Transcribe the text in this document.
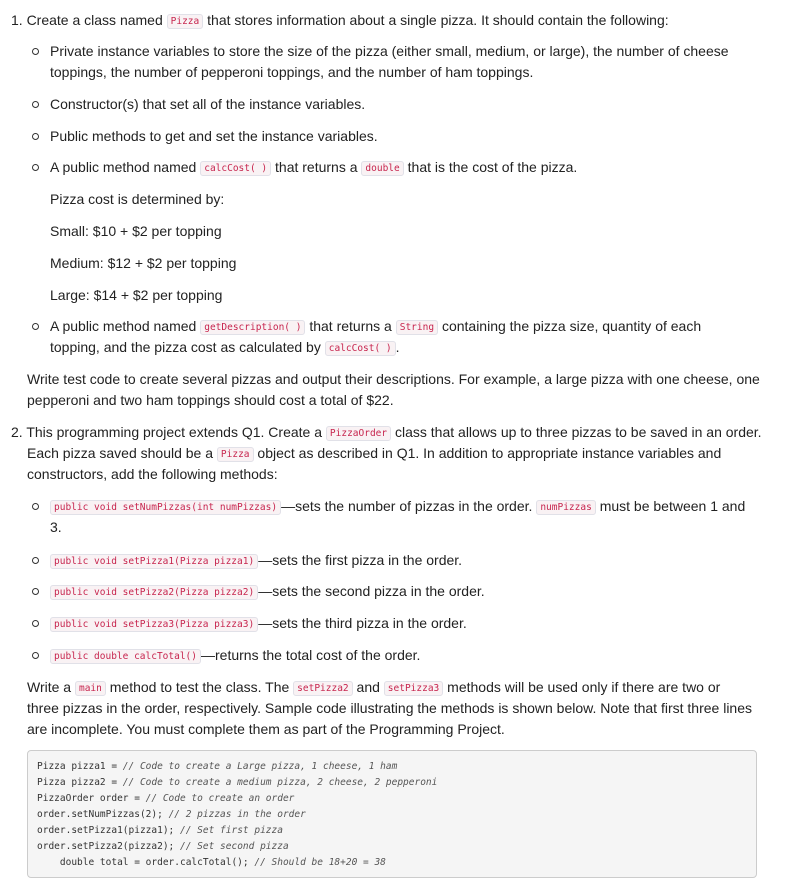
1. Create a class named Pizza that stores information about a single pizza. It should contain the following:
Private instance variables to store the size of the pizza (either small, medium, or large), the number of cheese
toppings, the number of pepperoni toppings, and the number of ham toppings.
Constructor(s) that set all of the instance variables.
Public methods to get and set the instance variables.
A public method named calcCost( ) that returns a double that is the cost of the pizza.
Pizza cost is determined by:
Small: $10 + $2 per topping
Medium: $12 + $2 per topping
Large: $14 + $2 per topping
A public method named getDescription( ) that returns a String containing the pizza size, quantity of each
topping, and the pizza cost as calculated by calcCost( ) .
Write test code to create several pizzas and output their descriptions. For example, a large pizza with one cheese, one
pepperoni and two ham toppings should cost a total of $22.
2. This programming project extends Q1. Create a PizzaOrder class that allows up to three pizzas to be saved in an order.
Each pizza saved should be a Pizza object as described in Q1. In addition to appropriate instance variables and
constructors, add the following methods:
public void setNumPizzas(int numPizzas) —sets the number of pizzas in the order. numPizzas must be between 1 and
3.
public void setPizza1(Pizza pizza1) —sets the first pizza in the order.
public void setPizza2(Pizza pizza2) —sets the second pizza in the order.
public void setPizza3(Pizza pizza3) —sets the third pizza in the order.
public double calcTotal() —returns the total cost of the order.
Write a main method to test the class. The setPizza2 and setPizza3 methods will be used only if there are two or
three pizzas in the order, respectively. Sample code illustrating the methods is shown below. Note that first three lines
are incomplete. You must complete them as part of the Programming Project.
Pizza pizza1 = // Code to create a Large pizza, 1 cheese, 1 ham
Pizza pizza2 = // Code to create a medium pizza, 2 cheese, 2 pepperoni
PizzaOrder order = // Code to create an order
order.setNumPizzas(2); // 2 pizzas in the order
order.setPizza1(pizza1); // Set first pizza
order.setPizza2(pizza2); // Set second pizza
double total = order.calcTotal(); // Should be 18+20 = 38
